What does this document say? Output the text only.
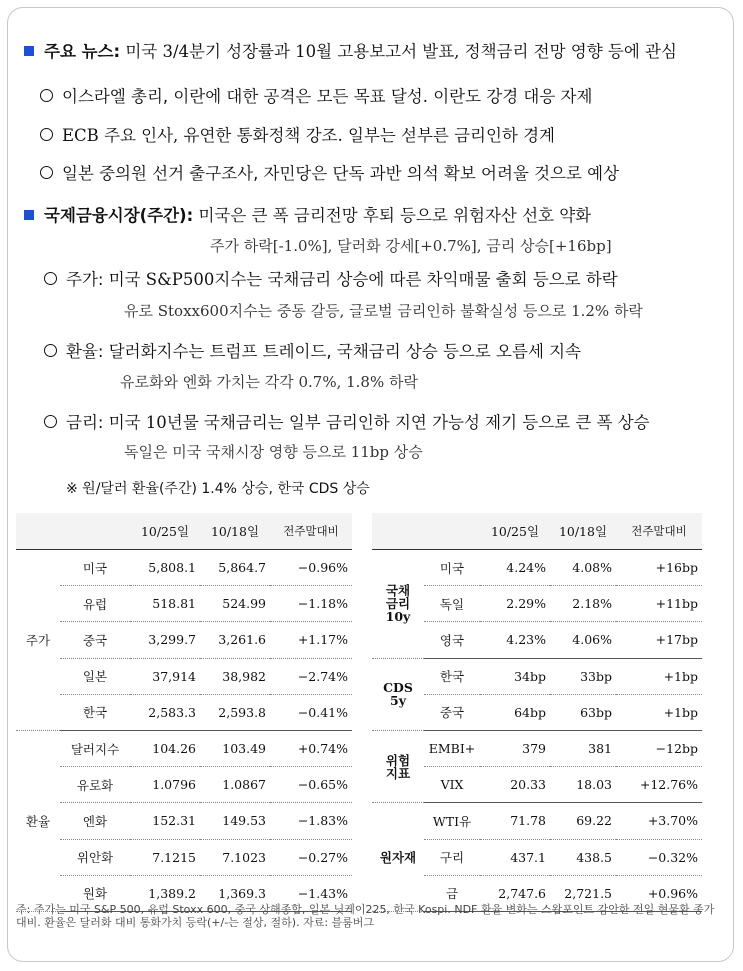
주요 뉴스: 미국 3/4분기 성장률과 10월 고용보고서 발표, 정책금리 전망 영향 등에 관심
이스라엘 총리, 이란에 대한 공격은 모든 목표 달성. 이란도 강경 대응 자제
ECB 주요 인사, 유연한 통화정책 강조. 일부는 섣부른 금리인하 경계
일본 중의원 선거 출구조사, 자민당은 단독 과반 의석 확보 어려울 것으로 예상
국제금융시장(주간): 미국은 큰 폭 금리전망 후퇴 등으로 위험자산 선호 약화
주가 하락[-1.0%], 달러화 강세[+0.7%], 금리 상승[+16bp]
주가: 미국 S&P500지수는 국채금리 상승에 따른 차익매물 출회 등으로 하락
유로 Stoxx600지수는 중동 갈등, 글로벌 금리인하 불확실성 등으로 1.2% 하락
환율: 달러화지수는 트럼프 트레이드, 국채금리 상승 등으로 오름세 지속
유로화와 엔화 가치는 각각 0.7%, 1.8% 하락
금리: 미국 10년물 국채금리는 일부 금리인하 지연 가능성 제기 등으로 큰 폭 상승
독일은 미국 국채시장 영향 등으로 11bp 상승
※ 원/달러 환율(주간) 1.4% 상승, 한국 CDS 상승
		10/25일	10/18일	전주말대비
주가	미국	5,808.1	5,864.7	−0.96%
	유럽	518.81	524.99	−1.18%
	중국	3,299.7	3,261.6	+1.17%
	일본	37,914	38,982	−2.74%
	한국	2,583.3	2,593.8	−0.41%
환율	달러지수	104.26	103.49	+0.74%
	유로화	1.0796	1.0867	−0.65%
	엔화	152.31	149.53	−1.83%
	위안화	7.1215	7.1023	−0.27%
	원화	1,389.2	1,369.3	−1.43%
		10/25일	10/18일	전주말대비
국채
금리
10y	미국	4.24%	4.08%	+16bp
	독일	2.29%	2.18%	+11bp
	영국	4.23%	4.06%	+17bp
CDS
5y	한국	34bp	33bp	+1bp
	중국	64bp	63bp	+1bp
위험
지표	EMBI+	379	381	−12bp
	VIX	20.33	18.03	+12.76%
원자재	WTI유	71.78	69.22	+3.70%
	구리	437.1	438.5	−0.32%
	금	2,747.6	2,721.5	+0.96%
주: 주가는 미국 S&P 500, 유럽 Stoxx 600, 중국 상해종합, 일본 닛케이225, 한국 Kospi. NDF 환율 변화는 스왑포인트 감안한 전일 현물환 종가 대비. 환율은 달러화 대비 통화가치 등락(+/-는 절상, 절하). 자료: 블룸버그
